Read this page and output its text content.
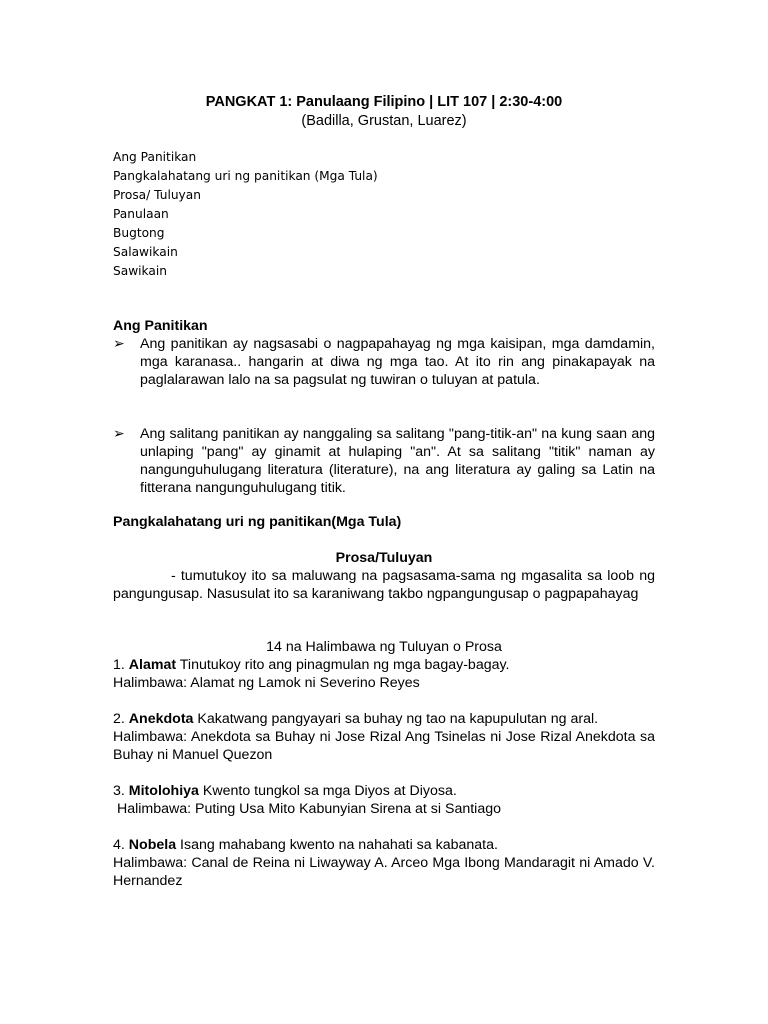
PANGKAT 1: Panulaang Filipino | LIT 107 | 2:30-4:00
(Badilla, Grustan, Luarez)
Ang Panitikan
Pangkalahatang uri ng panitikan (Mga Tula)
Prosa/ Tuluyan
Panulaan
Bugtong
Salawikain
Sawikain
Ang Panitikan
➢ Ang panitikan ay nagsasabi o nagpapahayag ng mga kaisipan, mga damdamin, mga karanasa.. hangarin at diwa ng mga tao. At ito rin ang pinakapayak na paglalarawan lalo na sa pagsulat ng tuwiran o tuluyan at patula.
➢ Ang salitang panitikan ay nanggaling sa salitang "pang-titik-an" na kung saan ang unlaping "pang" ay ginamit at hulaping "an". At sa salitang "titik" naman ay nangunguhulugang literatura (literature), na ang literatura ay galing sa Latin na fitterana nangunguhulugang titik.
Pangkalahatang uri ng panitikan(Mga Tula)
Prosa/Tuluyan
- tumutukoy ito sa maluwang na pagsasama-sama ng mgasalita sa loob ng pangungusap. Nasusulat ito sa karaniwang takbo ngpangungusap o pagpapahayag
14 na Halimbawa ng Tuluyan o Prosa
1. Alamat Tinutukoy rito ang pinagmulan ng mga bagay-bagay.
Halimbawa: Alamat ng Lamok ni Severino Reyes
2. Anekdota Kakatwang pangyayari sa buhay ng tao na kapupulutan ng aral.
Halimbawa: Anekdota sa Buhay ni Jose Rizal Ang Tsinelas ni Jose Rizal Anekdota sa Buhay ni Manuel Quezon
3. Mitolohiya Kwento tungkol sa mga Diyos at Diyosa.
Halimbawa: Puting Usa Mito Kabunyian Sirena at si Santiago
4. Nobela Isang mahabang kwento na nahahati sa kabanata.
Halimbawa: Canal de Reina ni Liwayway A. Arceo Mga Ibong Mandaragit ni Amado V. Hernandez
